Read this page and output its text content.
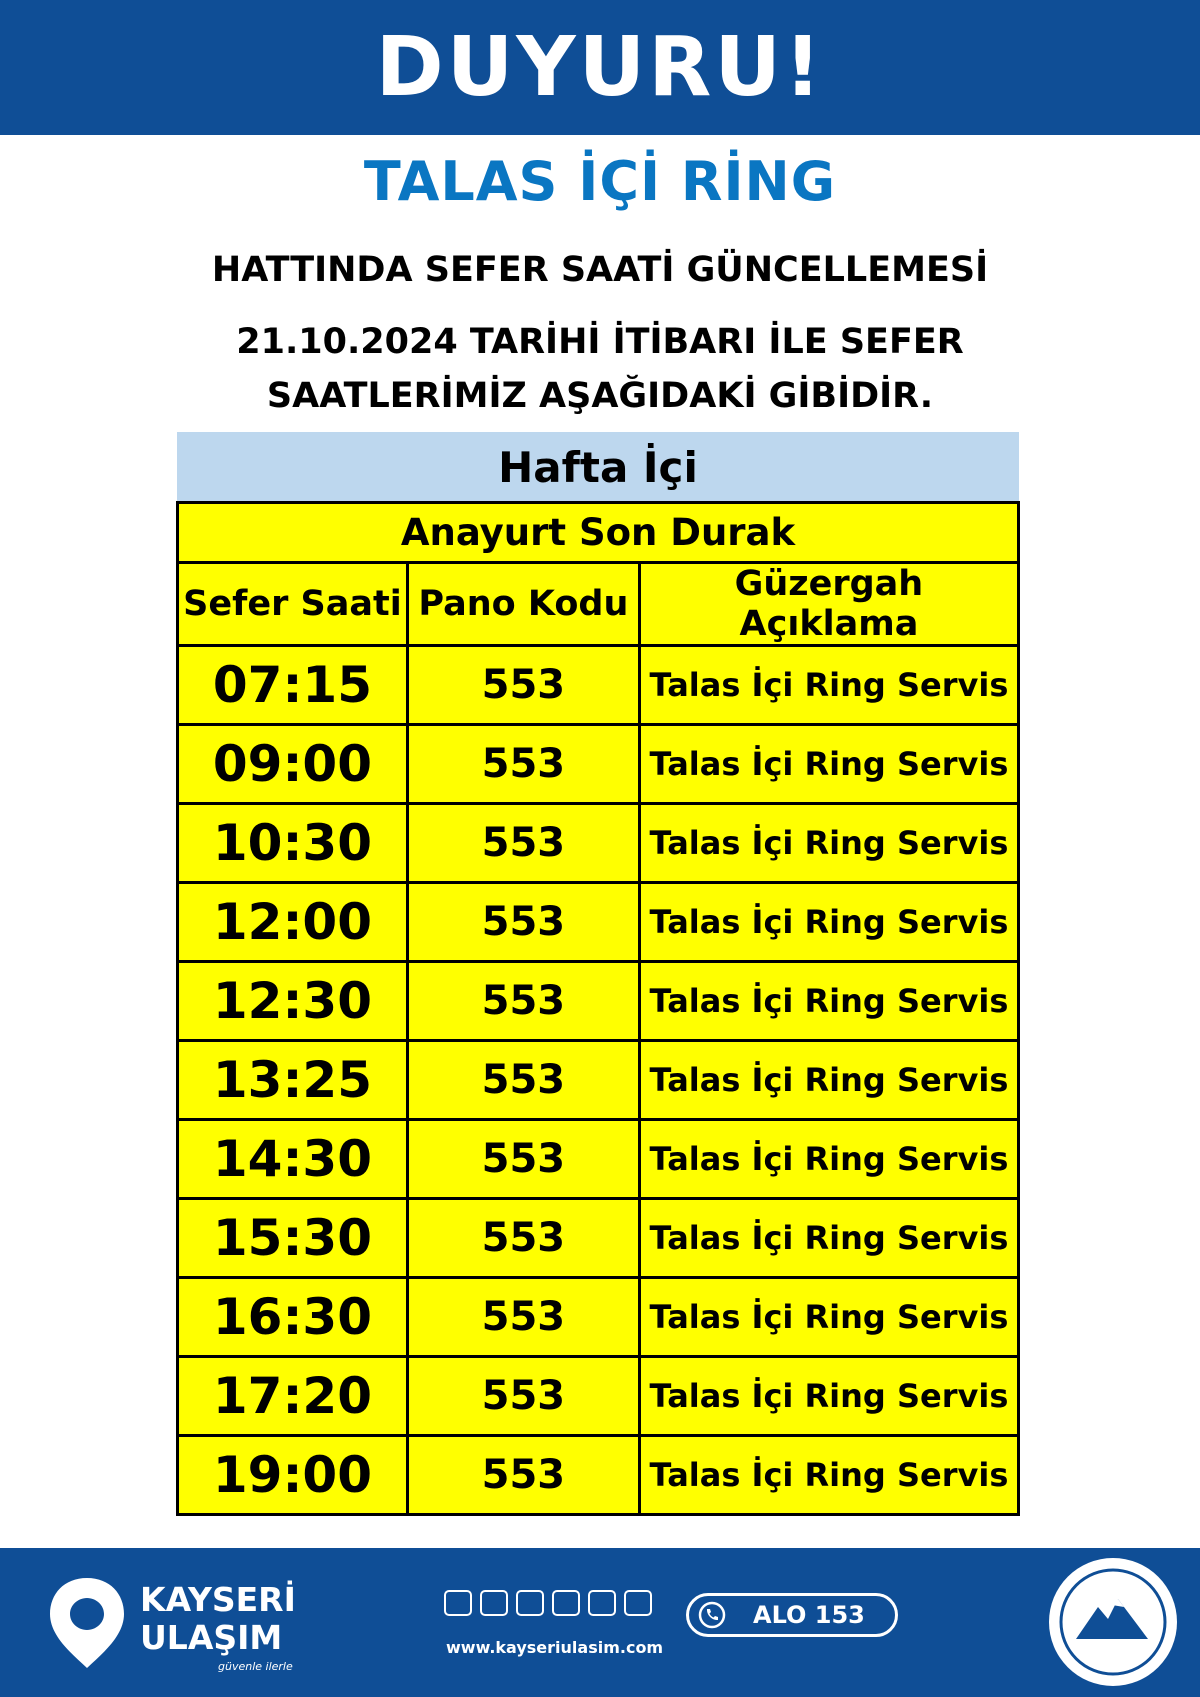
DUYURU!
TALAS İÇİ RİNG
HATTINDA SEFER SAATİ GÜNCELLEMESİ
21.10.2024 TARİHİ İTİBARI İLE SEFER
SAATLERİMİZ AŞAĞIDAKİ GİBİDİR.
Hafta İçi
Anayurt Son Durak		
Sefer Saati	Pano Kodu	Güzergah Açıklama
07:15	553	Talas İçi Ring Servis
09:00	553	Talas İçi Ring Servis
10:30	553	Talas İçi Ring Servis
12:00	553	Talas İçi Ring Servis
12:30	553	Talas İçi Ring Servis
13:25	553	Talas İçi Ring Servis
14:30	553	Talas İçi Ring Servis
15:30	553	Talas İçi Ring Servis
16:30	553	Talas İçi Ring Servis
17:20	553	Talas İçi Ring Servis
19:00	553	Talas İçi Ring Servis
KAYSERİ
ULAŞIM
güvenle ilerle
www.kayseriulasim.com
ALO 153
